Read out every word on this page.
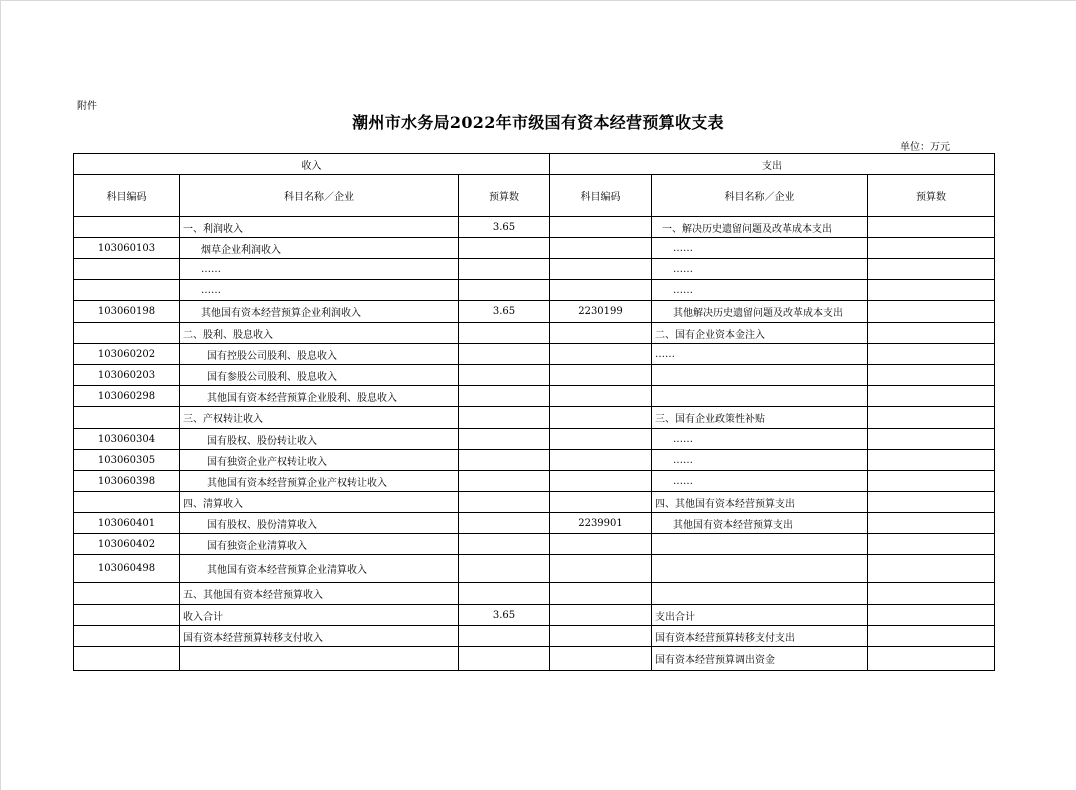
附件
潮州市水务局2022年市级国有资本经营预算收支表
单位：万元
收入			支出		
科目编码	科目名称／企业	预算数	科目编码	科目名称／企业	预算数
	一、利润收入	3.65		一、解决历史遗留问题及改革成本支出	
103060103	烟草企业利润收入			……	
	……			……	
	……			……	
103060198	其他国有资本经营预算企业利润收入	3.65	2230199	其他解决历史遗留问题及改革成本支出	
	二、股利、股息收入			二、国有企业资本金注入	
103060202	国有控股公司股利、股息收入			……	
103060203	国有参股公司股利、股息收入				
103060298	其他国有资本经营预算企业股利、股息收入				
	三、产权转让收入			三、国有企业政策性补贴	
103060304	国有股权、股份转让收入			……	
103060305	国有独资企业产权转让收入			……	
103060398	其他国有资本经营预算企业产权转让收入			……	
	四、清算收入			四、其他国有资本经营预算支出	
103060401	国有股权、股份清算收入		2239901	其他国有资本经营预算支出	
103060402	国有独资企业清算收入				
103060498	其他国有资本经营预算企业清算收入				
	五、其他国有资本经营预算收入				
	收入合计	3.65		支出合计	
	国有资本经营预算转移支付收入			国有资本经营预算转移支付支出	
				国有资本经营预算调出资金	
